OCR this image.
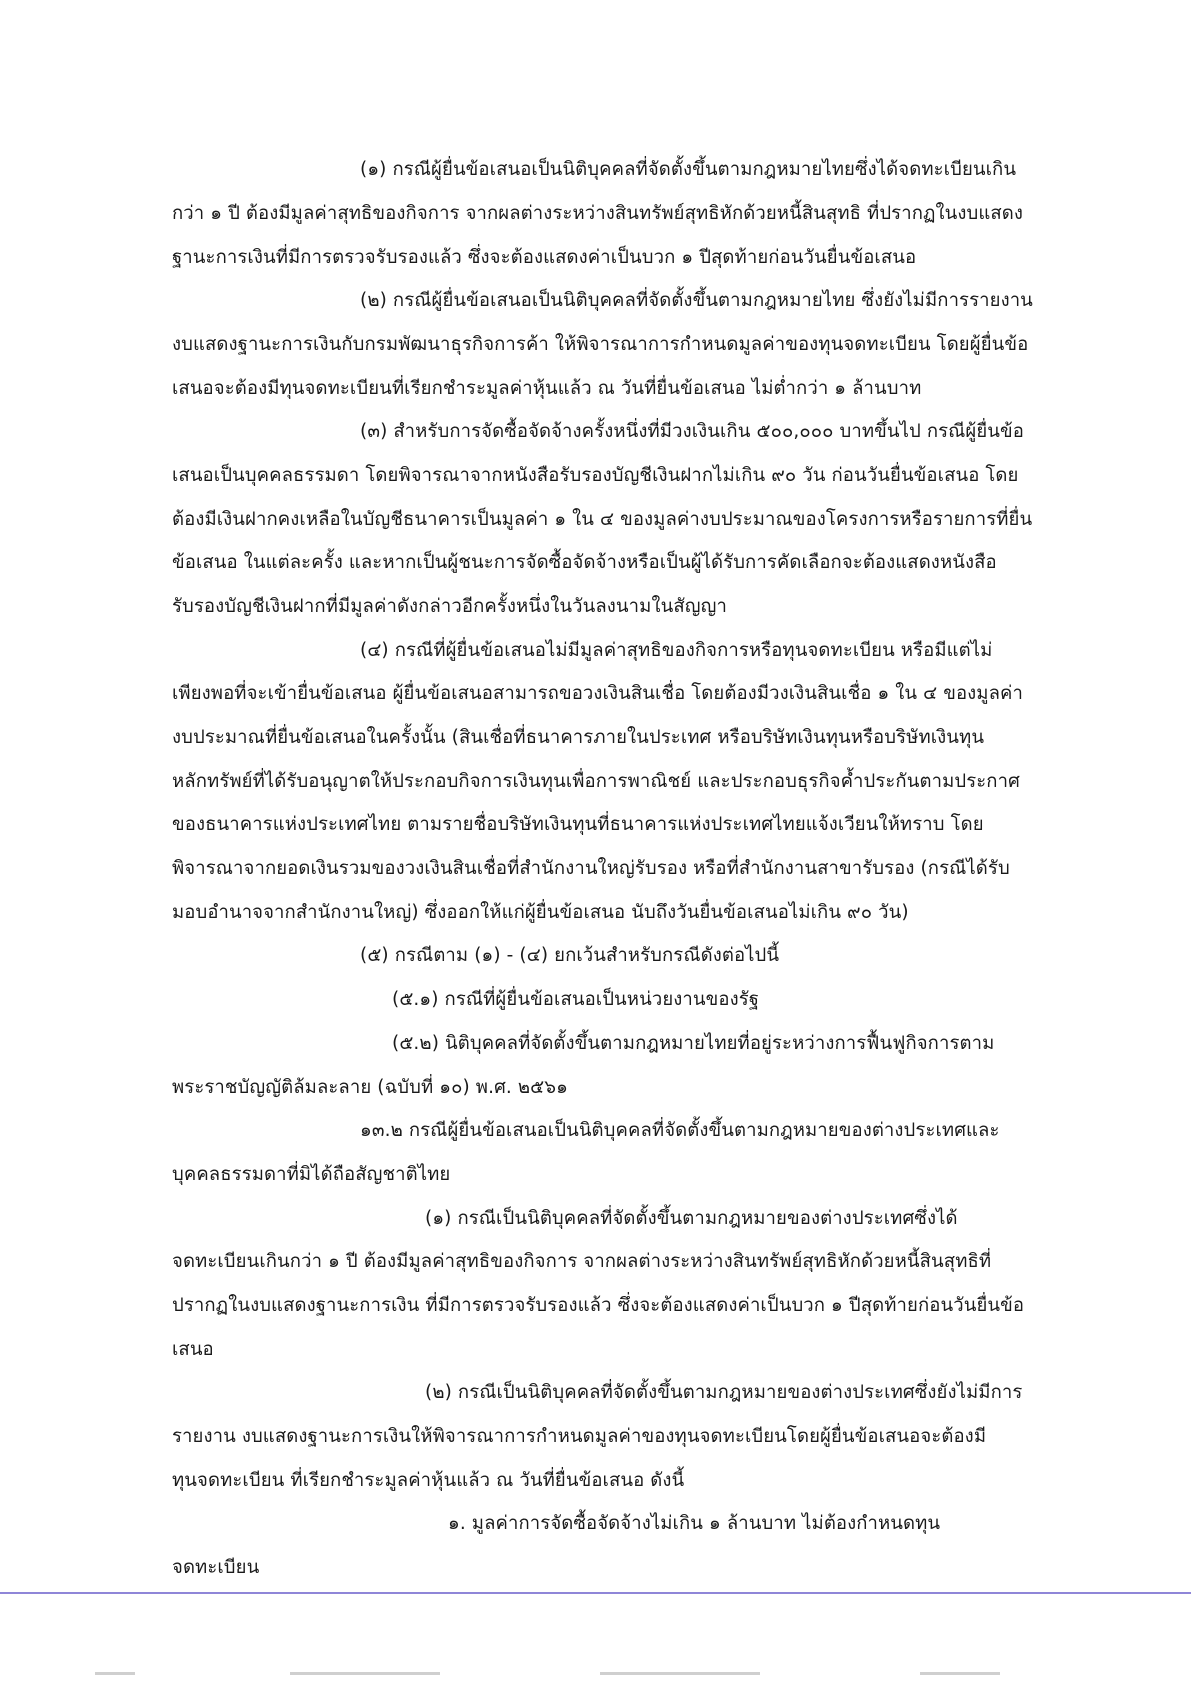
(๑) กรณีผู้ยื่นข้อเสนอเป็นนิติบุคคลที่จัดตั้งขึ้นตามกฎหมายไทยซึ่งได้จดทะเบียนเกิน
กว่า ๑ ปี ต้องมีมูลค่าสุทธิของกิจการ จากผลต่างระหว่างสินทรัพย์สุทธิหักด้วยหนี้สินสุทธิ ที่ปรากฏในงบแสดง
ฐานะการเงินที่มีการตรวจรับรองแล้ว ซึ่งจะต้องแสดงค่าเป็นบวก ๑ ปีสุดท้ายก่อนวันยื่นข้อเสนอ
(๒) กรณีผู้ยื่นข้อเสนอเป็นนิติบุคคลที่จัดตั้งขึ้นตามกฎหมายไทย ซึ่งยังไม่มีการรายงาน
งบแสดงฐานะการเงินกับกรมพัฒนาธุรกิจการค้า ให้พิจารณาการกำหนดมูลค่าของทุนจดทะเบียน โดยผู้ยื่นข้อ
เสนอจะต้องมีทุนจดทะเบียนที่เรียกชำระมูลค่าหุ้นแล้ว ณ วันที่ยื่นข้อเสนอ ไม่ต่ำกว่า ๑ ล้านบาท
(๓) สำหรับการจัดซื้อจัดจ้างครั้งหนึ่งที่มีวงเงินเกิน ๕๐๐,๐๐๐ บาทขึ้นไป กรณีผู้ยื่นข้อ
เสนอเป็นบุคคลธรรมดา โดยพิจารณาจากหนังสือรับรองบัญชีเงินฝากไม่เกิน ๙๐ วัน ก่อนวันยื่นข้อเสนอ โดย
ต้องมีเงินฝากคงเหลือในบัญชีธนาคารเป็นมูลค่า ๑ ใน ๔ ของมูลค่างบประมาณของโครงการหรือรายการที่ยื่น
ข้อเสนอ ในแต่ละครั้ง และหากเป็นผู้ชนะการจัดซื้อจัดจ้างหรือเป็นผู้ได้รับการคัดเลือกจะต้องแสดงหนังสือ
รับรองบัญชีเงินฝากที่มีมูลค่าดังกล่าวอีกครั้งหนึ่งในวันลงนามในสัญญา
(๔) กรณีที่ผู้ยื่นข้อเสนอไม่มีมูลค่าสุทธิของกิจการหรือทุนจดทะเบียน หรือมีแต่ไม่
เพียงพอที่จะเข้ายื่นข้อเสนอ ผู้ยื่นข้อเสนอสามารถขอวงเงินสินเชื่อ โดยต้องมีวงเงินสินเชื่อ ๑ ใน ๔ ของมูลค่า
งบประมาณที่ยื่นข้อเสนอในครั้งนั้น (สินเชื่อที่ธนาคารภายในประเทศ หรือบริษัทเงินทุนหรือบริษัทเงินทุน
หลักทรัพย์ที่ได้รับอนุญาตให้ประกอบกิจการเงินทุนเพื่อการพาณิชย์ และประกอบธุรกิจค้ำประกันตามประกาศ
ของธนาคารแห่งประเทศไทย ตามรายชื่อบริษัทเงินทุนที่ธนาคารแห่งประเทศไทยแจ้งเวียนให้ทราบ โดย
พิจารณาจากยอดเงินรวมของวงเงินสินเชื่อที่สำนักงานใหญ่รับรอง หรือที่สำนักงานสาขารับรอง (กรณีได้รับ
มอบอำนาจจากสำนักงานใหญ่) ซึ่งออกให้แก่ผู้ยื่นข้อเสนอ นับถึงวันยื่นข้อเสนอไม่เกิน ๙๐ วัน)
(๕) กรณีตาม (๑) - (๔) ยกเว้นสำหรับกรณีดังต่อไปนี้
(๕.๑) กรณีที่ผู้ยื่นข้อเสนอเป็นหน่วยงานของรัฐ
(๕.๒) นิติบุคคลที่จัดตั้งขึ้นตามกฎหมายไทยที่อยู่ระหว่างการฟื้นฟูกิจการตาม
พระราชบัญญัติล้มละลาย (ฉบับที่ ๑๐) พ.ศ. ๒๕๖๑
๑๓.๒ กรณีผู้ยื่นข้อเสนอเป็นนิติบุคคลที่จัดตั้งขึ้นตามกฎหมายของต่างประเทศและ
บุคคลธรรมดาที่มิได้ถือสัญชาติไทย
(๑) กรณีเป็นนิติบุคคลที่จัดตั้งขึ้นตามกฎหมายของต่างประเทศซึ่งได้
จดทะเบียนเกินกว่า ๑ ปี ต้องมีมูลค่าสุทธิของกิจการ จากผลต่างระหว่างสินทรัพย์สุทธิหักด้วยหนี้สินสุทธิที่
ปรากฏในงบแสดงฐานะการเงิน ที่มีการตรวจรับรองแล้ว ซึ่งจะต้องแสดงค่าเป็นบวก ๑ ปีสุดท้ายก่อนวันยื่นข้อ
เสนอ
(๒) กรณีเป็นนิติบุคคลที่จัดตั้งขึ้นตามกฎหมายของต่างประเทศซึ่งยังไม่มีการ
รายงาน งบแสดงฐานะการเงินให้พิจารณาการกำหนดมูลค่าของทุนจดทะเบียนโดยผู้ยื่นข้อเสนอจะต้องมี
ทุนจดทะเบียน ที่เรียกชำระมูลค่าหุ้นแล้ว ณ วันที่ยื่นข้อเสนอ ดังนี้
๑. มูลค่าการจัดซื้อจัดจ้างไม่เกิน ๑ ล้านบาท ไม่ต้องกำหนดทุน
จดทะเบียน
